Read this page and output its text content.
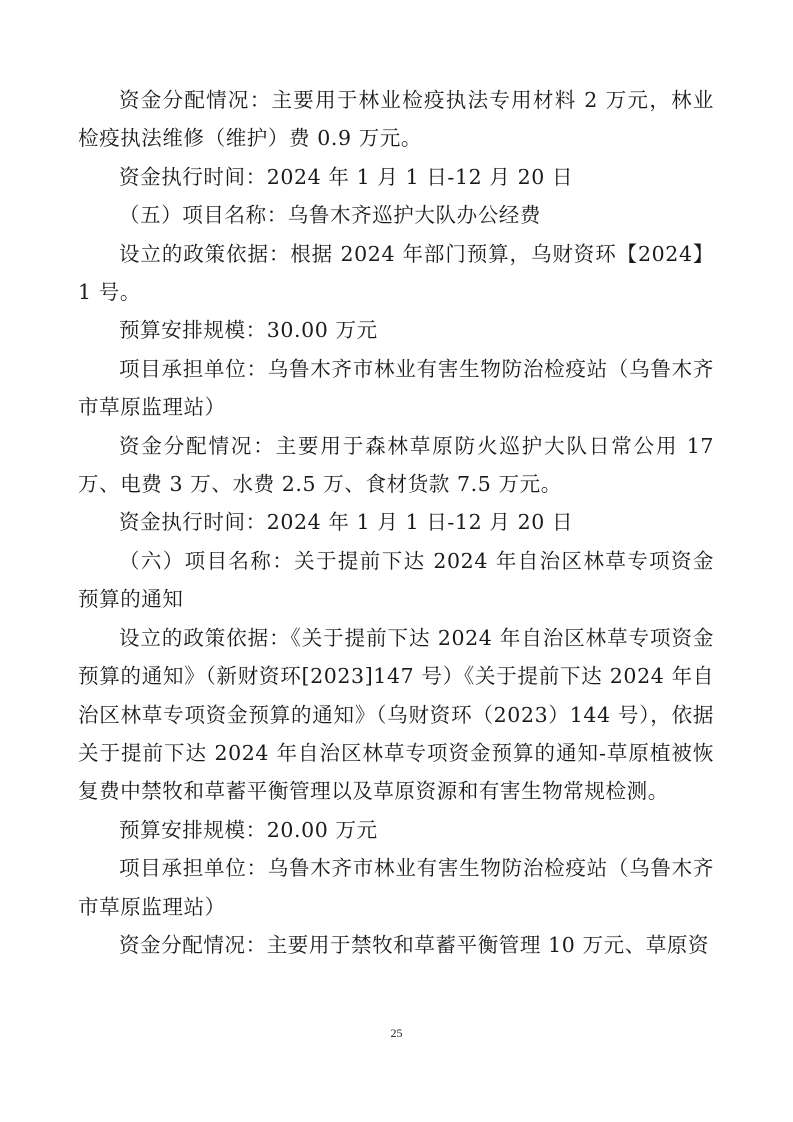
资金分配情况：主要用于林业检疫执法专用材料 2 万元，林业检疫执法维修（维护）费 0.9 万元。

资金执行时间：2024 年 1 月 1 日-12 月 20 日

（五）项目名称：乌鲁木齐巡护大队办公经费

设立的政策依据：根据 2024 年部门预算，乌财资环【2024】1 号。

预算安排规模：30.00 万元

项目承担单位：乌鲁木齐市林业有害生物防治检疫站（乌鲁木齐市草原监理站）

资金分配情况：主要用于森林草原防火巡护大队日常公用 17 万、电费 3 万、水费 2.5 万、食材货款 7.5 万元。

资金执行时间：2024 年 1 月 1 日-12 月 20 日

（六）项目名称：关于提前下达 2024 年自治区林草专项资金预算的通知

设立的政策依据：《关于提前下达 2024 年自治区林草专项资金预算的通知》（新财资环[2023]147 号）《关于提前下达 2024 年自治区林草专项资金预算的通知》（乌财资环（2023）144 号），依据关于提前下达 2024 年自治区林草专项资金预算的通知-草原植被恢复费中禁牧和草蓄平衡管理以及草原资源和有害生物常规检测。

预算安排规模：20.00 万元

项目承担单位：乌鲁木齐市林业有害生物防治检疫站（乌鲁木齐市草原监理站）

资金分配情况：主要用于禁牧和草蓄平衡管理 10 万元、草原资

25
